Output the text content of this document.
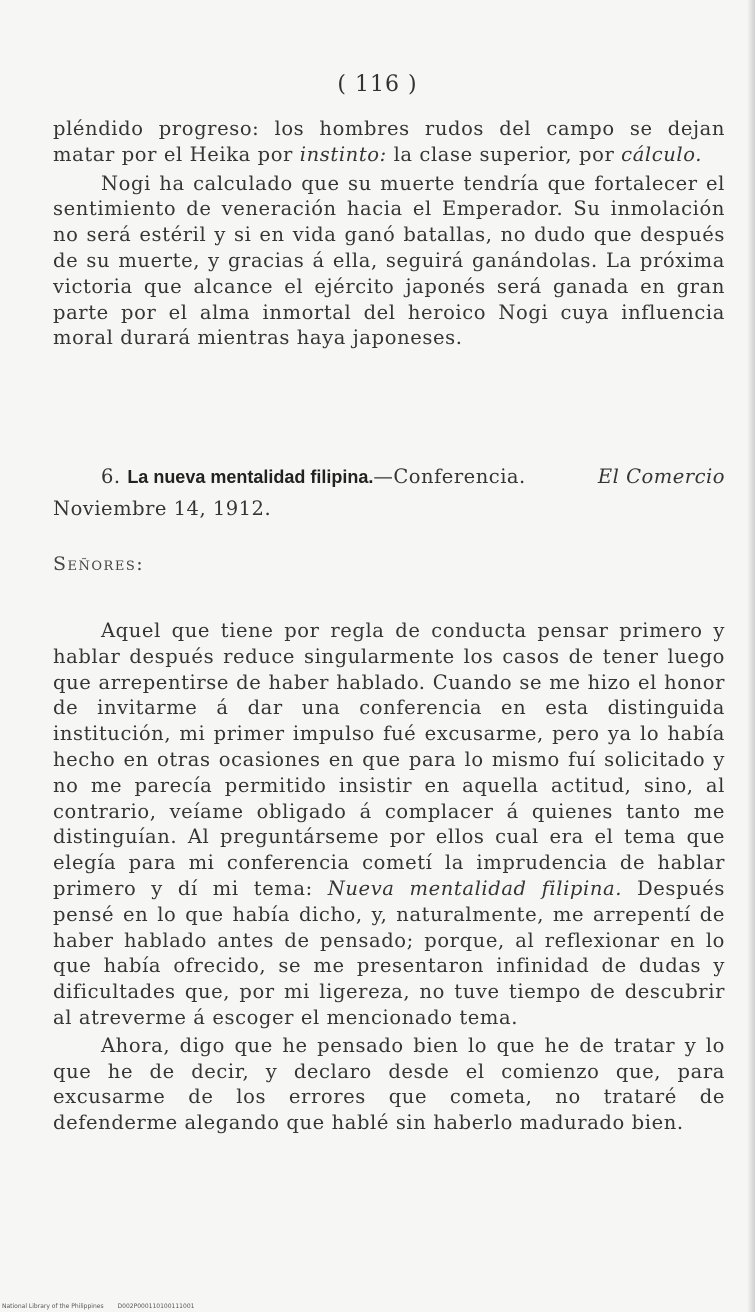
( 116 )

pléndido progreso: los hombres rudos del campo se dejan matar por el Heika por instinto: la clase superior, por cálculo.

Nogi ha calculado que su muerte tendría que fortalecer el sentimiento de veneración hacia el Emperador. Su inmolación no será estéril y si en vida ganó batallas, no dudo que después de su muerte, y gracias á ella, seguirá ganándolas. La próxima victoria que alcance el ejército japonés será ganada en gran parte por el alma inmortal del heroico Nogi cuya influencia moral durará mientras haya japoneses.

6. La nueva mentalidad filipina.—Conferencia.	El Comercio
Noviembre 14, 1912.
Señores:

Aquel que tiene por regla de conducta pensar primero y hablar después reduce singularmente los casos de tener luego que arrepentirse de haber hablado. Cuando se me hizo el honor de invitarme á dar una conferencia en esta distinguida institución, mi primer impulso fué excusarme, pero ya lo había hecho en otras ocasiones en que para lo mismo fuí solicitado y no me parecía permitido insistir en aquella actitud, sino, al contrario, veíame obligado á complacer á quienes tanto me distinguían. Al preguntárseme por ellos cual era el tema que elegía para mi conferencia cometí la imprudencia de hablar primero y dí mi tema: Nueva mentalidad filipina. Después pensé en lo que había dicho, y, naturalmente, me arrepentí de haber hablado antes de pensado; porque, al reflexionar en lo que había ofrecido, se me presentaron infinidad de dudas y dificultades que, por mi ligereza, no tuve tiempo de descubrir al atreverme á escoger el mencionado tema.

Ahora, digo que he pensado bien lo que he de tratar y lo que he de decir, y declaro desde el comienzo que, para excusarme de los errores que cometa, no trataré de defenderme alegando que hablé sin haberlo madurado bien.

National Library of the Philippines D002P000110100111001
